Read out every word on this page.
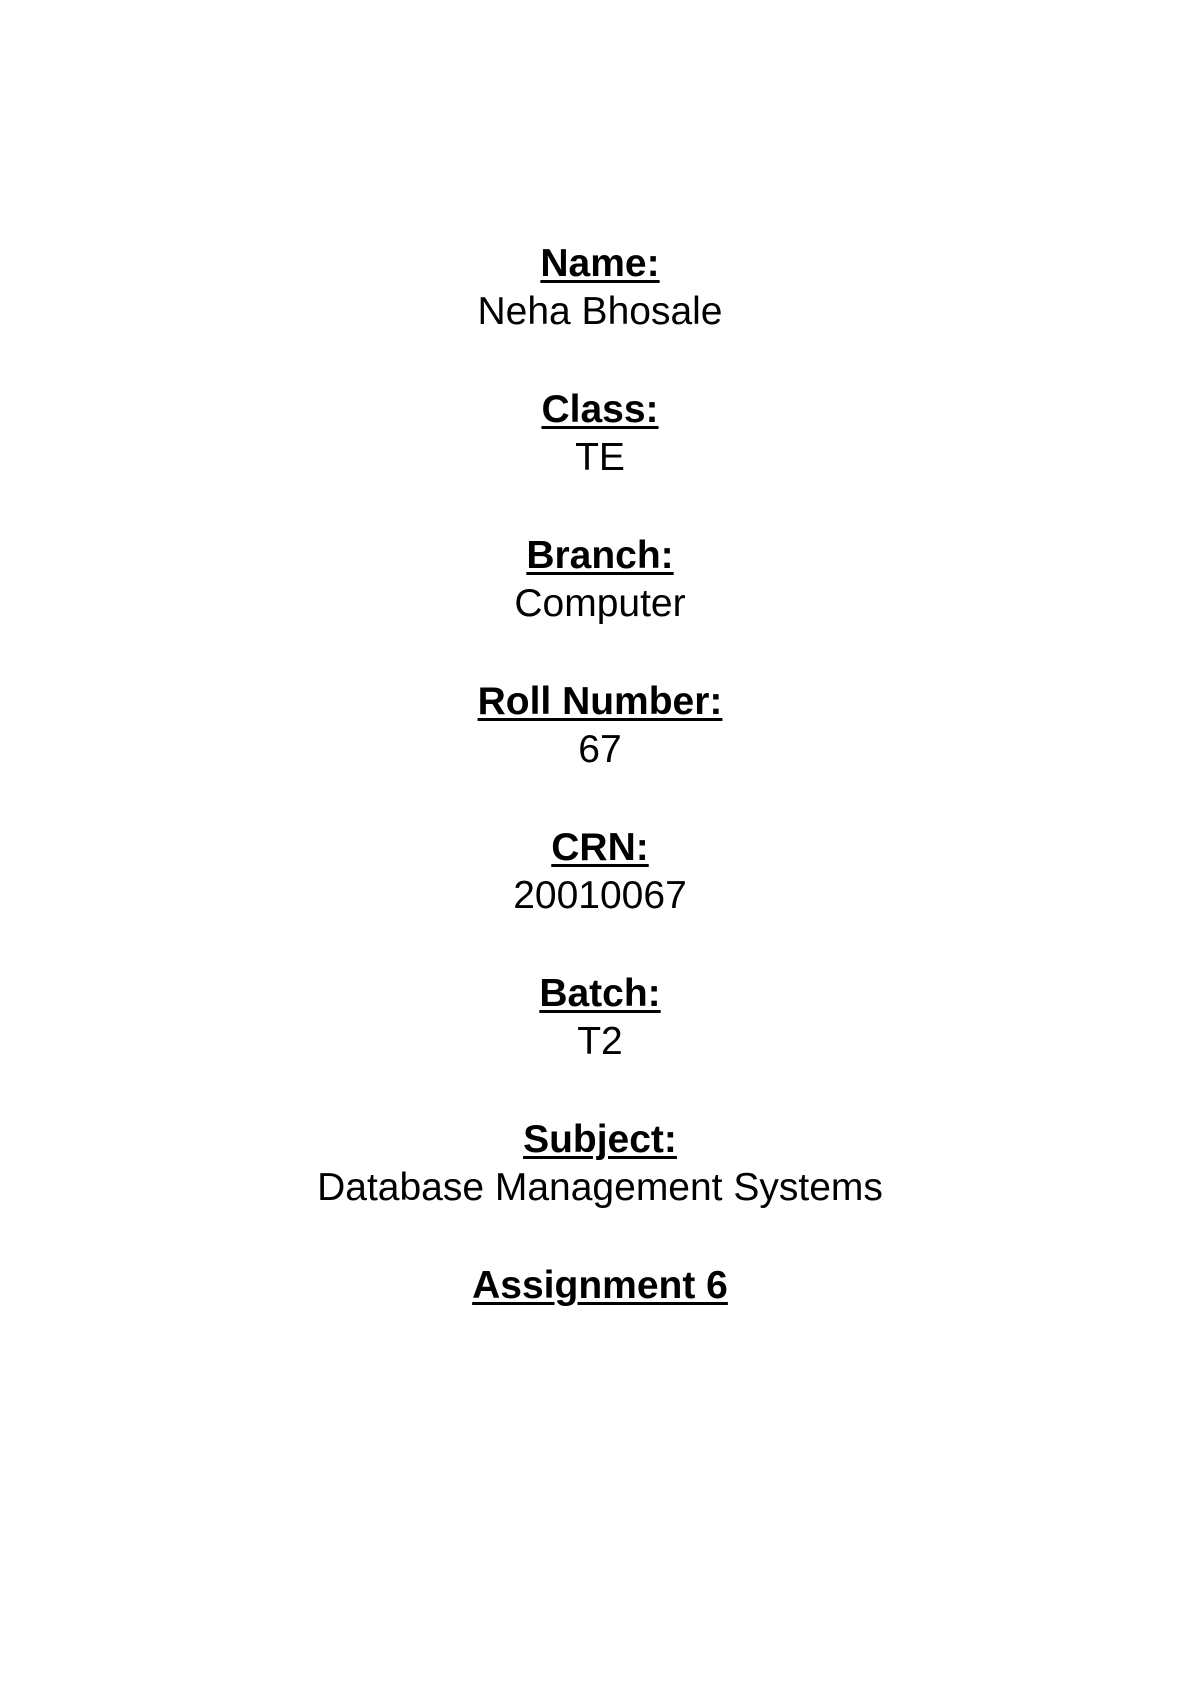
Name:
Neha Bhosale
Class:
TE
Branch:
Computer
Roll Number:
67
CRN:
20010067
Batch:
T2
Subject:
Database Management Systems
Assignment 6
